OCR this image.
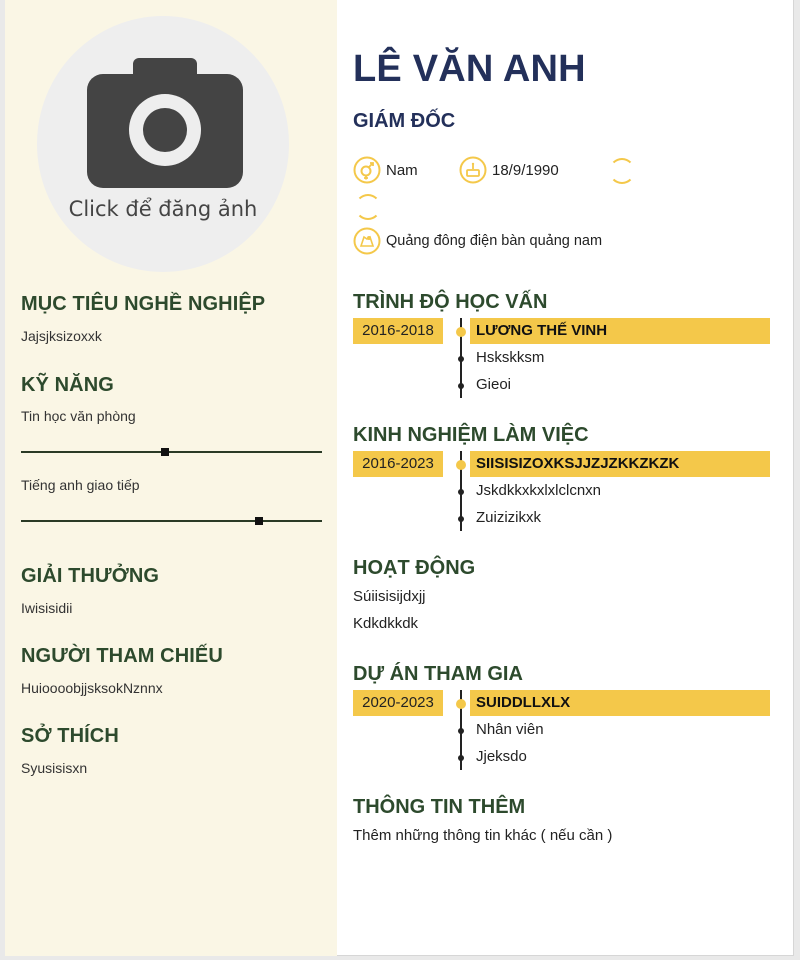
Click để đăng ảnh
MỤC TIÊU NGHỀ NGHIỆP
Jajsjksizoxxk
KỸ NĂNG
Tin học văn phòng
Tiếng anh giao tiếp
GIẢI THƯỞNG
Iwisisidii
NGƯỜI THAM CHIẾU
HuioooobjjsksokNznnx
SỞ THÍCH
Syusisisxn
LÊ VĂN ANH
GIÁM ĐỐC
Nam	18/9/1990
Quảng đông điện bàn quảng nam
TRÌNH ĐỘ HỌC VẤN
2016-2018	LƯƠNG THẾ VINH
Hskskksm
Gieoi
KINH NGHIỆM LÀM VIỆC
2016-2023	SIISISIZOXKSJJZJZKKZKZK
Jskdkkxkxlxlclcnxn
Zuizizikxk
HOẠT ĐỘNG
Súiisisijdxjj
Kdkdkkdk
DỰ ÁN THAM GIA
2020-2023	SUIDDLLXLX
Nhân viên
Jjeksdo
THÔNG TIN THÊM
Thêm những thông tin khác ( nếu cần )
